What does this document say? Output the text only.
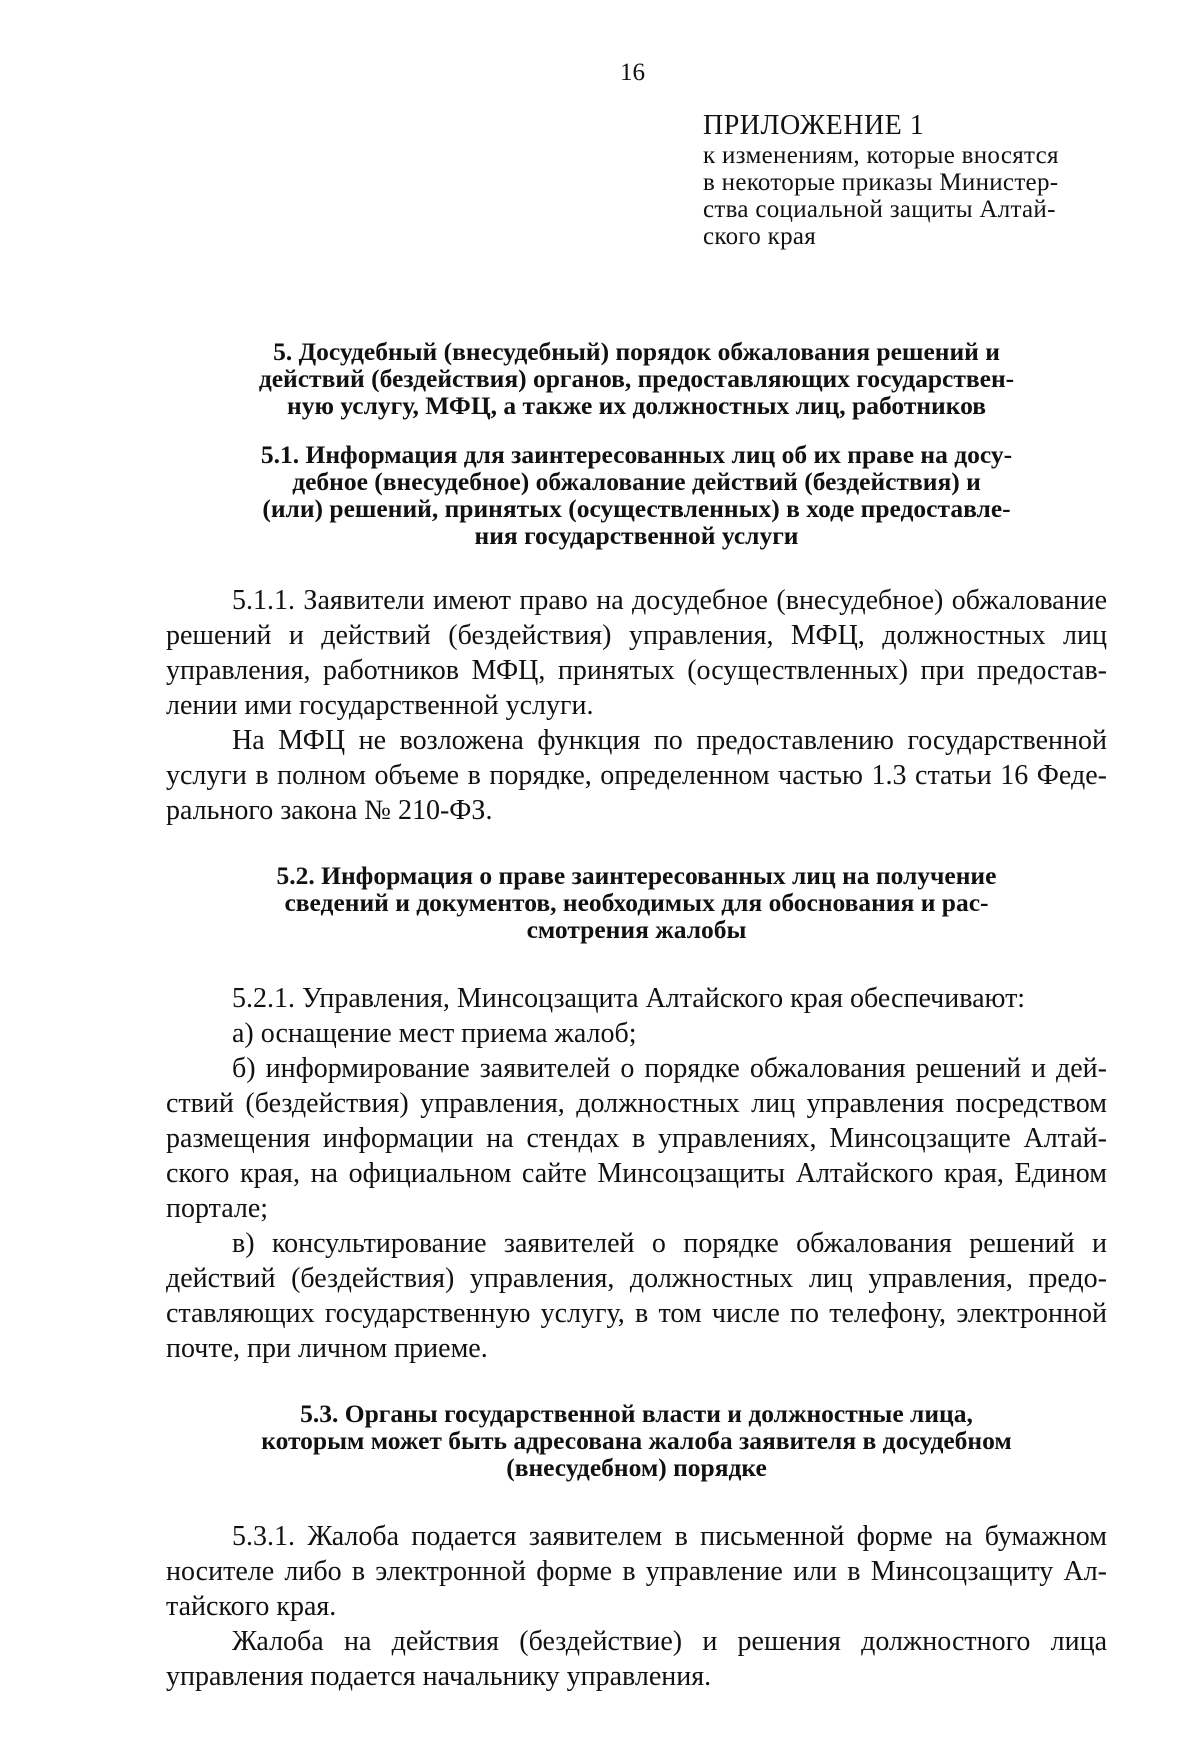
16
ПРИЛОЖЕНИЕ 1
к изменениям, которые вносятся
в некоторые приказы Министер-
ства социальной защиты Алтай-
ского края
5. Досудебный (внесудебный) порядок обжалования решений и
действий (бездействия) органов, предоставляющих государствен-
ную услугу, МФЦ, а также их должностных лиц, работников
5.1. Информация для заинтересованных лиц об их праве на досу-
дебное (внесудебное) обжалование действий (бездействия) и
(или) решений, принятых (осуществленных) в ходе предоставле-
ния государственной услуги

5.1.1. Заявители имеют право на досудебное (внесудебное) обжалование решений и действий (бездействия) управления, МФЦ, должностных лиц управления, работников МФЦ, принятых (осуществленных) при предоставлении ими государственной услуги.

На МФЦ не возложена функция по предоставлению государственной услуги в полном объеме в порядке, определенном частью 1.3 статьи 16 Федерального закона № 210-ФЗ.

5.2. Информация о праве заинтересованных лиц на получение
сведений и документов, необходимых для обоснования и рас-
смотрения жалобы

5.2.1. Управления, Минсоцзащита Алтайского края обеспечивают:

а) оснащение мест приема жалоб;

б) информирование заявителей о порядке обжалования решений и действий (бездействия) управления, должностных лиц управления посредством размещения информации на стендах в управлениях, Минсоцзащите Алтайского края, на официальном сайте Минсоцзащиты Алтайского края, Едином портале;

в) консультирование заявителей о порядке обжалования решений и действий (бездействия) управления, должностных лиц управления, предоставляющих государственную услугу, в том числе по телефону, электронной почте, при личном приеме.

5.3. Органы государственной власти и должностные лица,
которым может быть адресована жалоба заявителя в досудебном
(внесудебном) порядке

5.3.1. Жалоба подается заявителем в письменной форме на бумажном носителе либо в электронной форме в управление или в Минсоцзащиту Алтайского края.

Жалоба на действия (бездействие) и решения должностного лица управления подается начальнику управления.
